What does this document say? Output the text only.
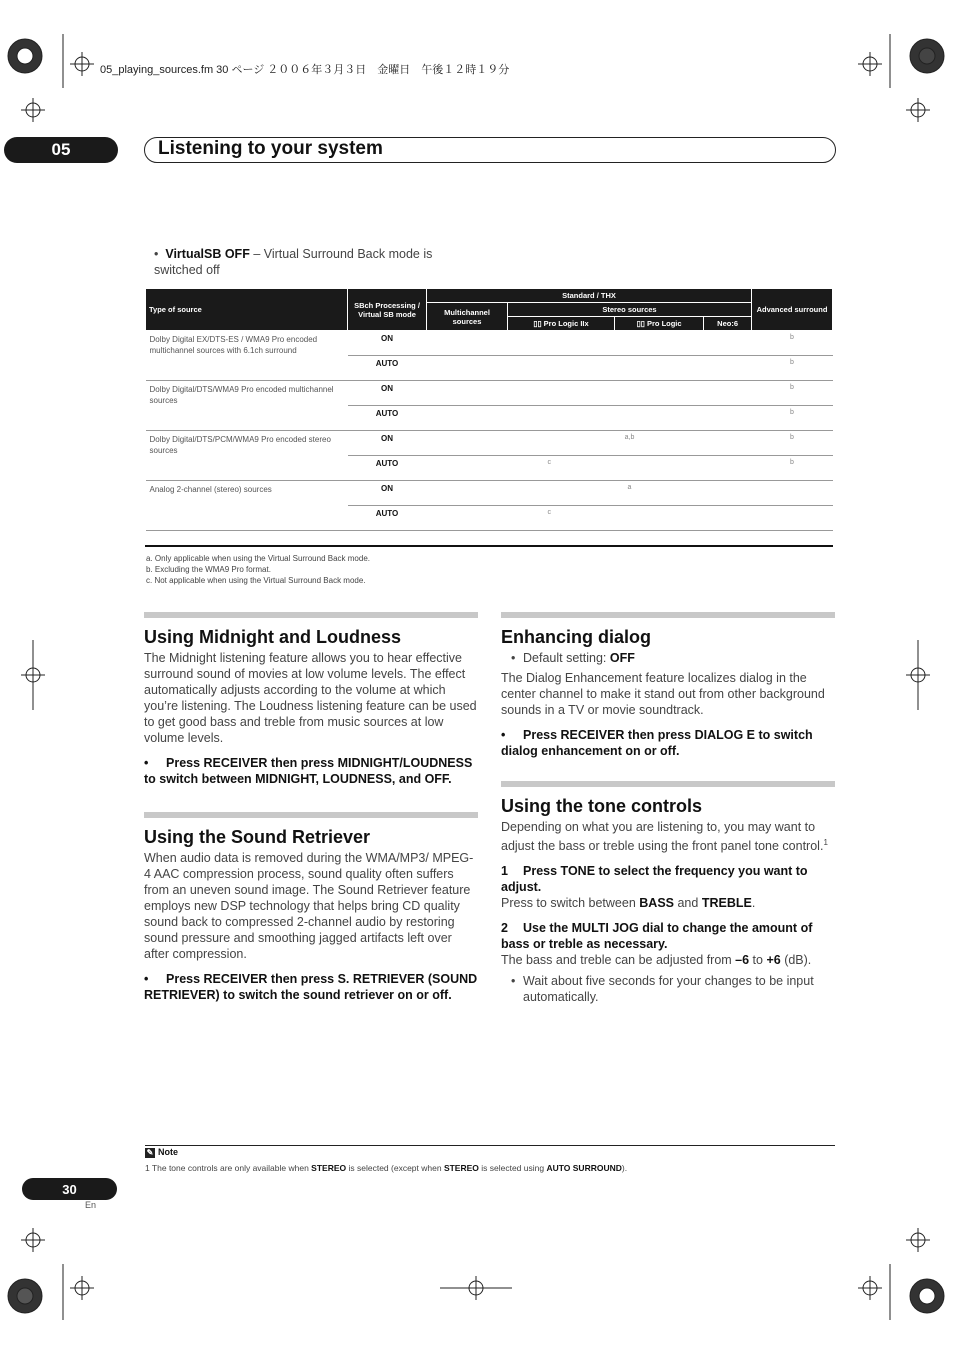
05_playing_sources.fm 30 ページ ２００６年３月３日　金曜日　午後１２時１９分
05	Listening to your system
•  VirtualSB OFF – Virtual Surround Back mode is switched off
Type of source	SBch Processing / Virtual SB mode	Standard / THX				Advanced surround
		Multichannel sources	Stereo sources			
			▯▯ Pro Logic IIx	▯▯ Pro Logic	Neo:6	
Dolby Digital EX/DTS-ES / WMA9 Pro encoded multichannel sources with 6.1ch surround	ON					b
	AUTO					b
Dolby Digital/DTS/WMA9 Pro encoded multichannel sources	ON					b
	AUTO					b
Dolby Digital/DTS/PCM/WMA9 Pro encoded stereo sources	ON		a,b			b
	AUTO		c			b
Analog 2-channel (stereo) sources	ON		a			
	AUTO		c			
a. Only applicable when using the Virtual Surround Back mode.
b. Excluding the WMA9 Pro format.
c. Not applicable when using the Virtual Surround Back mode.
Using Midnight and Loudness

The Midnight listening feature allows you to hear effective surround sound of movies at low volume levels. The effect automatically adjusts according to the volume at which you’re listening. The Loudness listening feature can be used to get good bass and treble from music sources at low volume levels.

• Press RECEIVER then press MIDNIGHT/LOUDNESS to switch between MIDNIGHT, LOUDNESS, and OFF.
Using the Sound Retriever

When audio data is removed during the WMA/MP3/ MPEG-4 AAC compression process, sound quality often suffers from an uneven sound image. The Sound Retriever feature employs new DSP technology that helps bring CD quality sound back to compressed 2-channel audio by restoring sound pressure and smoothing jagged artifacts left over after compression.

• Press RECEIVER then press S. RETRIEVER (SOUND RETRIEVER) to switch the sound retriever on or off.
Enhancing dialog
• Default setting: OFF

The Dialog Enhancement feature localizes dialog in the center channel to make it stand out from other background sounds in a TV or movie soundtrack.

• Press RECEIVER then press DIALOG E to switch dialog enhancement on or off.
Using the tone controls

Depending on what you are listening to, you may want to adjust the bass or treble using the front panel tone control.$^1$

1 Press TONE to select the frequency you want to adjust.

Press to switch between BASS and TREBLE.

2 Use the MULTI JOG dial to change the amount of bass or treble as necessary.

The bass and treble can be adjusted from –6 to +6 (dB).

• Wait about five seconds for your changes to be input automatically.
✎ Note
1 The tone controls are only available when STEREO is selected (except when STEREO is selected using AUTO SURROUND).
30
En
